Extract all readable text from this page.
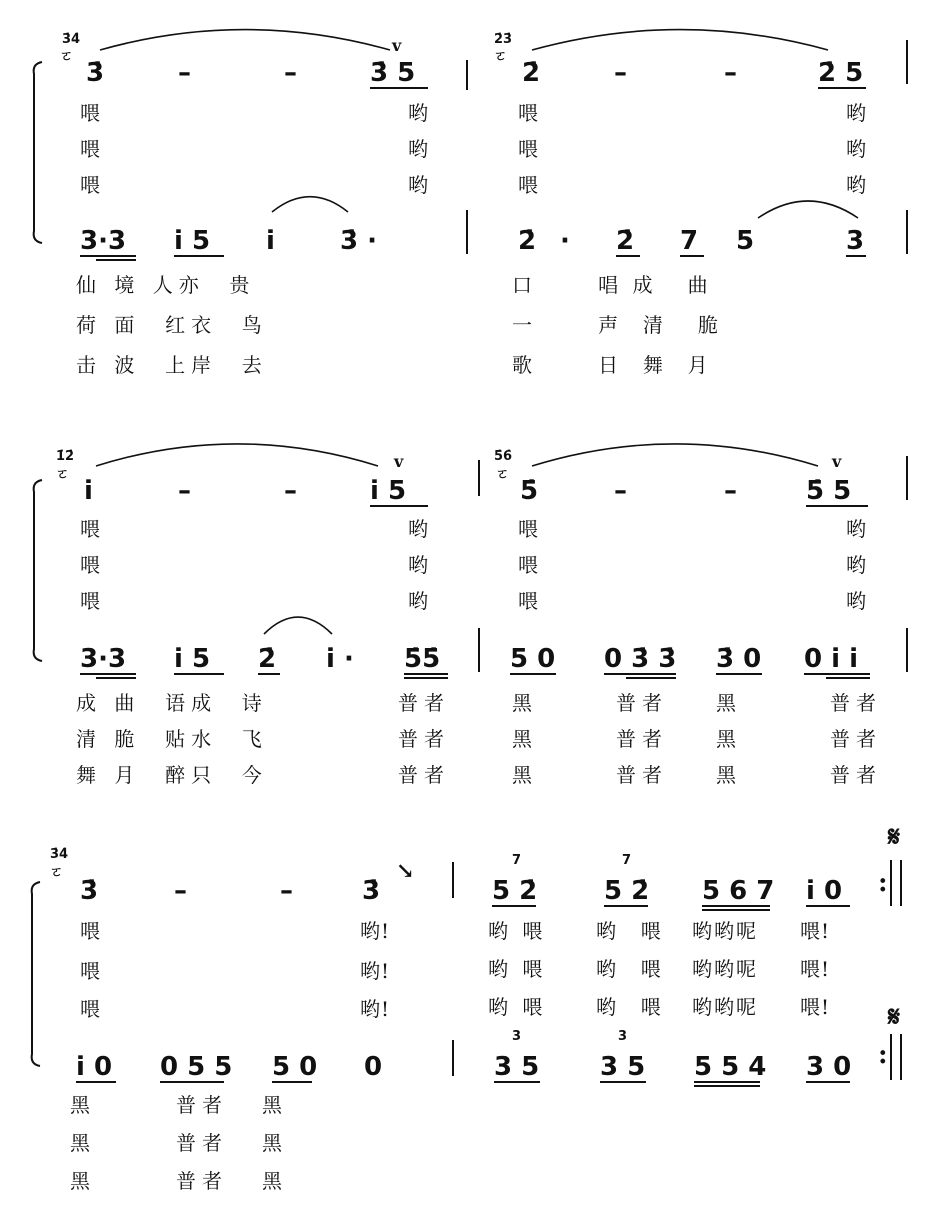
3̇4̇
ㄛ
3̇	–	–	3̇ 5
v	2̇3̇
ㄛ
2̇	–	–	2̇ 5
喂	哟	喂	哟
喂	哟	喂	哟
喂	哟	喂	哟
3·3 i̇ 5 i̇	3̇ ·	2̇ · 2̇ 7 5	3
仙 境 人亦  贵
荷 面  红衣  鸟
击 波  上岸  去
口      唱 成   曲
一      声  清   脆
歌      日  舞  月
1̇2̇
ㄛ
i̇	–	–	i̇ 5
v	5̇6̇
ㄛ
5̇	–	–	5̇ 5
v
喂	哟	喂	哟
喂	哟	喂	哟
喂	哟	喂	哟
3·3 i̇ 5 2̇ i̇ · 5̇5̇	5 0 0 3̇ 3̇ 3̇ 0 0 i̇ i̇
成 曲  语成  诗
清 脆  贴水  飞
舞 月  醉只  今
普者
普者
普者
黑	普者 黑	普者
黑	普者 黑	普者
黑	普者 黑	普者
3̇4̇
ㄛ
3̇	–	–	3̇
↘
5 2̇
7
5 2̇
7
5 6 7 i̇ 0
𝄋
:
喂	哟!
喂	哟!
喂	哟!
哟 喂 哟  喂 哟哟呢 喂!
哟 喂 哟  喂 哟哟呢 喂!
哟 喂 哟  喂 哟哟呢 喂!
i̇ 0 0 5 5 5 0 0	3 5
3
3 5
3
5 5 4 3 0
𝄋
:
黑	普者 黑
黑	普者 黑
黑	普者 黑
